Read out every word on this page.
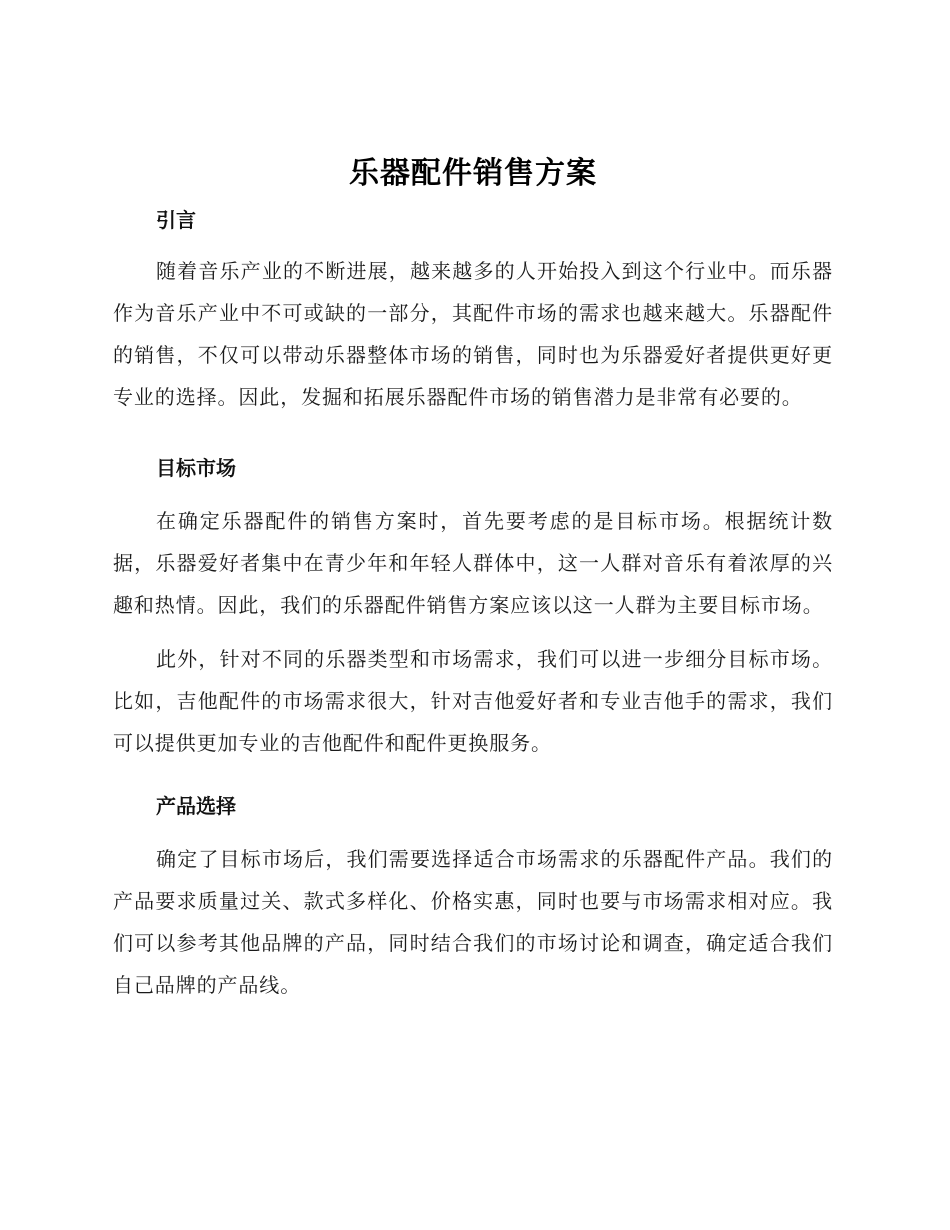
乐器配件销售方案
引言

随着音乐产业的不断进展，越来越多的人开始投入到这个行业中。而乐器作为音乐产业中不可或缺的一部分，其配件市场的需求也越来越大。乐器配件的销售，不仅可以带动乐器整体市场的销售，同时也为乐器爱好者提供更好更专业的选择。因此，发掘和拓展乐器配件市场的销售潜力是非常有必要的。

目标市场

在确定乐器配件的销售方案时，首先要考虑的是目标市场。根据统计数据，乐器爱好者集中在青少年和年轻人群体中，这一人群对音乐有着浓厚的兴趣和热情。因此，我们的乐器配件销售方案应该以这一人群为主要目标市场。

此外，针对不同的乐器类型和市场需求，我们可以进一步细分目标市场。比如，吉他配件的市场需求很大，针对吉他爱好者和专业吉他手的需求，我们可以提供更加专业的吉他配件和配件更换服务。

产品选择

确定了目标市场后，我们需要选择适合市场需求的乐器配件产品。我们的产品要求质量过关、款式多样化、价格实惠，同时也要与市场需求相对应。我们可以参考其他品牌的产品，同时结合我们的市场讨论和调查，确定适合我们自己品牌的产品线。
